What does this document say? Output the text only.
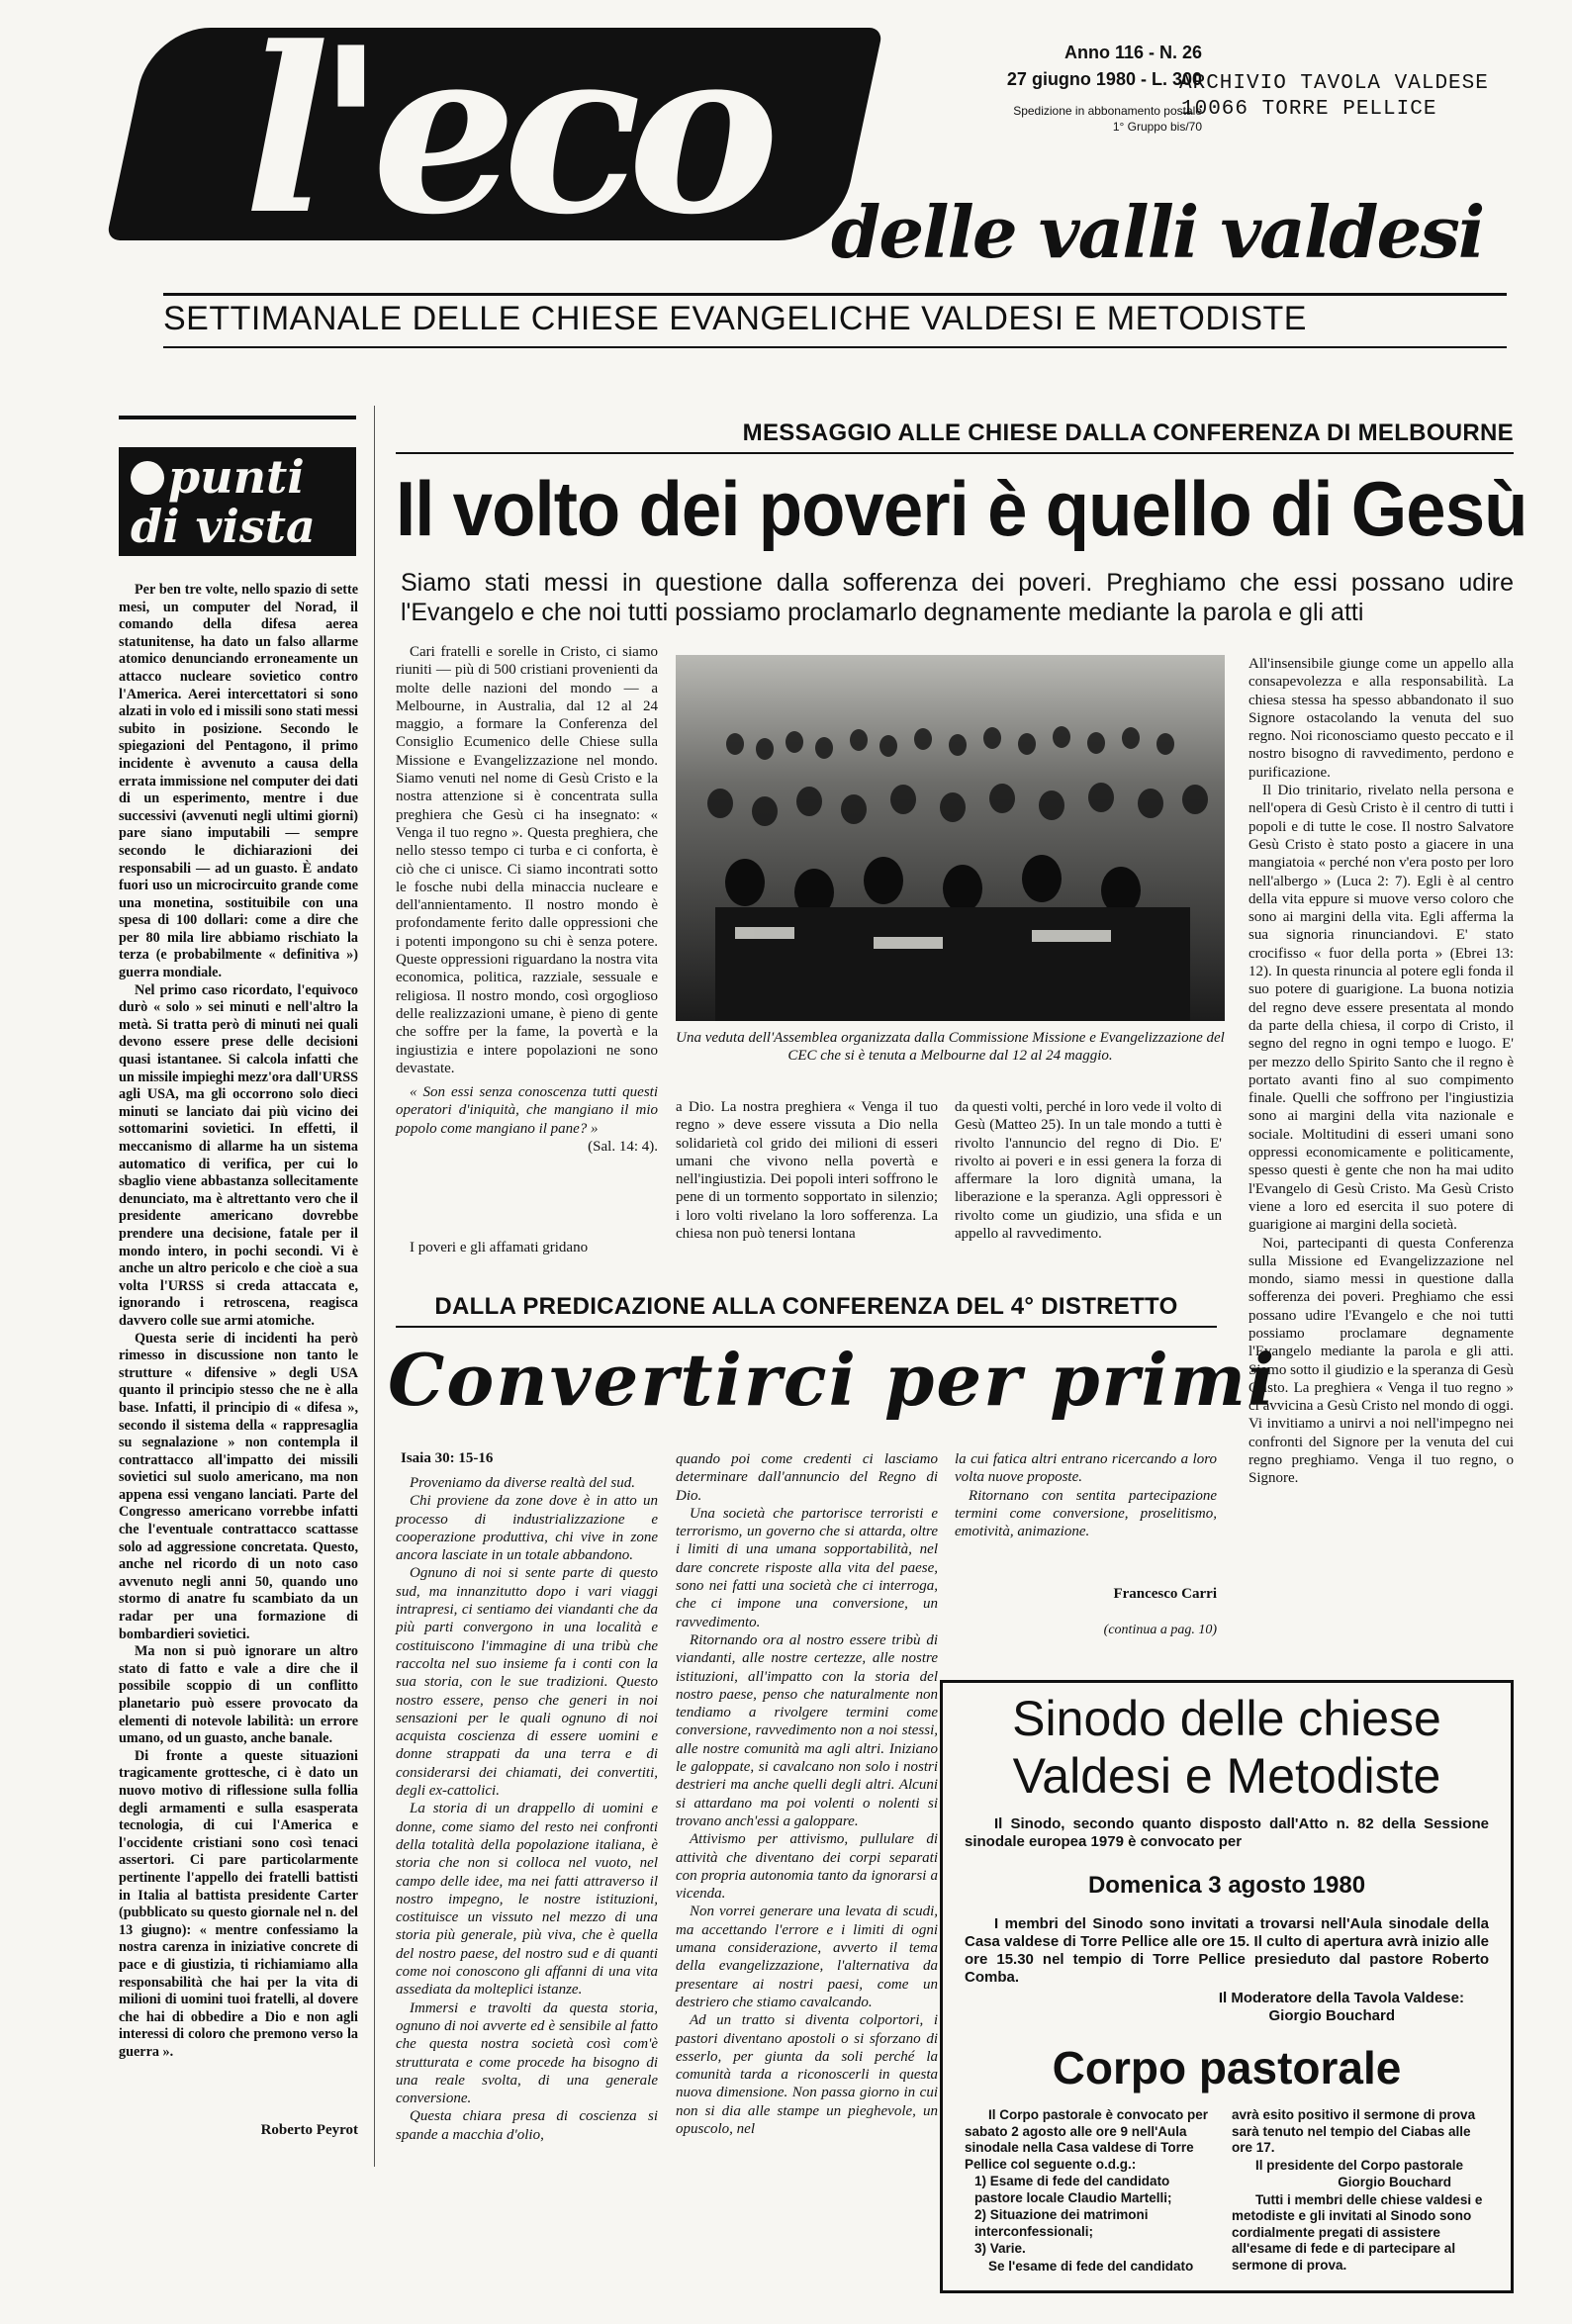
l'eco delle valli valdesi
Anno 116 - N. 26
27 giugno 1980 - L. 300
Spedizione in abbonamento postale
1° Gruppo bis/70
ARCHIVIO TAVOLA VALDESE
10066 TORRE PELLICE
SETTIMANALE DELLE CHIESE EVANGELICHE VALDESI E METODISTE
punti
di vista

Per ben tre volte, nello spazio di sette mesi, un computer del Norad, il comando della difesa aerea statunitense, ha dato un falso allarme atomico denunciando erroneamente un attacco nucleare sovietico contro l'America. Aerei intercettatori si sono alzati in volo ed i missili sono stati messi subito in posizione. Secondo le spiegazioni del Pentagono, il primo incidente è avvenuto a causa della errata immissione nel computer dei dati di un esperimento, mentre i due successivi (avvenuti negli ultimi giorni) pare siano imputabili — sempre secondo le dichiarazioni dei responsabili — ad un guasto. È andato fuori uso un microcircuito grande come una monetina, sostituibile con una spesa di 100 dollari: come a dire che per 80 mila lire abbiamo rischiato la terza (e probabilmente « definitiva ») guerra mondiale.

Nel primo caso ricordato, l'equivoco durò « solo » sei minuti e nell'altro la metà. Si tratta però di minuti nei quali devono essere prese delle decisioni quasi istantanee. Si calcola infatti che un missile impieghi mezz'ora dall'URSS agli USA, ma gli occorrono solo dieci minuti se lanciato dai più vicino dei sottomarini sovietici. In effetti, il meccanismo di allarme ha un sistema automatico di verifica, per cui lo sbaglio viene abbastanza sollecitamente denunciato, ma è altrettanto vero che il presidente americano dovrebbe prendere una decisione, fatale per il mondo intero, in pochi secondi. Vi è anche un altro pericolo e che cioè a sua volta l'URSS si creda attaccata e, ignorando i retroscena, reagisca davvero colle sue armi atomiche.

Questa serie di incidenti ha però rimesso in discussione non tanto le strutture « difensive » degli USA quanto il principio stesso che ne è alla base. Infatti, il principio di « difesa », secondo il sistema della « rappresaglia su segnalazione » non contempla il contrattacco all'impatto dei missili sovietici sul suolo americano, ma non appena essi vengano lanciati. Parte del Congresso americano vorrebbe infatti che l'eventuale contrattacco scattasse solo ad aggressione concretata. Questo, anche nel ricordo di un noto caso avvenuto negli anni 50, quando uno stormo di anatre fu scambiato da un radar per una formazione di bombardieri sovietici.

Ma non si può ignorare un altro stato di fatto e vale a dire che il possibile scoppio di un conflitto planetario può essere provocato da elementi di notevole labilità: un errore umano, od un guasto, anche banale.

Di fronte a queste situazioni tragicamente grottesche, ci è dato un nuovo motivo di riflessione sulla follia degli armamenti e sulla esasperata tecnologia, di cui l'America e l'occidente cristiani sono così tenaci assertori. Ci pare particolarmente pertinente l'appello dei fratelli battisti in Italia al battista presidente Carter (pubblicato su questo giornale nel n. del 13 giugno): « mentre confessiamo la nostra carenza in iniziative concrete di pace e di giustizia, ti richiamiamo alla responsabilità che hai per la vita di milioni di uomini tuoi fratelli, al dovere che hai di obbedire a Dio e non agli interessi di coloro che premono verso la guerra ».

Roberto Peyrot
MESSAGGIO ALLE CHIESE DALLA CONFERENZA DI MELBOURNE
Il volto dei poveri è quello di Gesù
Siamo stati messi in questione dalla sofferenza dei poveri. Preghiamo che essi possano udire l'Evangelo e che noi tutti possiamo proclamarlo degnamente mediante la parola e gli atti

Cari fratelli e sorelle in Cristo, ci siamo riuniti — più di 500 cristiani provenienti da molte delle nazioni del mondo — a Melbourne, in Australia, dal 12 al 24 maggio, a formare la Conferenza del Consiglio Ecumenico delle Chiese sulla Missione e Evangelizzazione nel mondo. Siamo venuti nel nome di Gesù Cristo e la nostra attenzione si è concentrata sulla preghiera che Gesù ci ha insegnato: « Venga il tuo regno ». Questa preghiera, che nello stesso tempo ci turba e ci conforta, è ciò che ci unisce. Ci siamo incontrati sotto le fosche nubi della minaccia nucleare e dell'annientamento. Il nostro mondo è profondamente ferito dalle oppressioni che i potenti impongono su chi è senza potere. Queste oppressioni riguardano la nostra vita economica, politica, razziale, sessuale e religiosa. Il nostro mondo, così orgoglioso delle realizzazioni umane, è pieno di gente che soffre per la fame, la povertà e la ingiustizia e intere popolazioni ne sono devastate.

« Son essi senza conoscenza tutti questi operatori d'iniquità, che mangiano il mio popolo come mangiano il pane? »

(Sal. 14: 4).

I poveri e gli affamati gridano

Una veduta dell'Assemblea organizzata dalla Commissione Missione e Evangelizzazione del CEC che si è tenuta a Melbourne dal 12 al 24 maggio.

a Dio. La nostra preghiera « Venga il tuo regno » deve essere vissuta a Dio nella solidarietà col grido dei milioni di esseri umani che vivono nella povertà e nell'ingiustizia. Dei popoli interi soffrono le pene di un tormento sopportato in silenzio; i loro volti rivelano la loro sofferenza. La chiesa non può tenersi lontana

da questi volti, perché in loro vede il volto di Gesù (Matteo 25). In un tale mondo a tutti è rivolto l'annuncio del regno di Dio. E' rivolto ai poveri e in essi genera la forza di affermare la loro dignità umana, la liberazione e la speranza. Agli oppressori è rivolto come un giudizio, una sfida e un appello al ravvedimento.

All'insensibile giunge come un appello alla consapevolezza e alla responsabilità. La chiesa stessa ha spesso abbandonato il suo Signore ostacolando la venuta del suo regno. Noi riconosciamo questo peccato e il nostro bisogno di ravvedimento, perdono e purificazione.

Il Dio trinitario, rivelato nella persona e nell'opera di Gesù Cristo è il centro di tutti i popoli e di tutte le cose. Il nostro Salvatore Gesù Cristo è stato posto a giacere in una mangiatoia « perché non v'era posto per loro nell'albergo » (Luca 2: 7). Egli è al centro della vita eppure si muove verso coloro che sono ai margini della vita. Egli afferma la sua signoria rinunciandovi. E' stato crocifisso « fuor della porta » (Ebrei 13: 12). In questa rinuncia al potere egli fonda il suo potere di guarigione. La buona notizia del regno deve essere presentata al mondo da parte della chiesa, il corpo di Cristo, il segno del regno in ogni tempo e luogo. E' per mezzo dello Spirito Santo che il regno è portato avanti fino al suo compimento finale. Quelli che soffrono per l'ingiustizia sono ai margini della vita nazionale e sociale. Moltitudini di esseri umani sono oppressi economicamente e politicamente, spesso questi è gente che non ha mai udito l'Evangelo di Gesù Cristo. Ma Gesù Cristo viene a loro ed esercita il suo potere di guarigione ai margini della società.

Noi, partecipanti di questa Conferenza sulla Missione ed Evangelizzazione nel mondo, siamo messi in questione dalla sofferenza dei poveri. Preghiamo che essi possano udire l'Evangelo e che noi tutti possiamo proclamare degnamente l'Evangelo mediante la parola e gli atti. Siamo sotto il giudizio e la speranza di Gesù Cristo. La preghiera « Venga il tuo regno » ci avvicina a Gesù Cristo nel mondo di oggi. Vi invitiamo a unirvi a noi nell'impegno nei confronti del Signore per la venuta del cui regno preghiamo. Venga il tuo regno, o Signore.

DALLA PREDICAZIONE ALLA CONFERENZA DEL 4° DISTRETTO
Convertirci per primi
Isaia 30: 15-16

Proveniamo da diverse realtà del sud.

Chi proviene da zone dove è in atto un processo di industrializzazione e cooperazione produttiva, chi vive in zone ancora lasciate in un totale abbandono.

Ognuno di noi si sente parte di questo sud, ma innanzitutto dopo i vari viaggi intrapresi, ci sentiamo dei viandanti che da più parti convergono in una località e costituiscono l'immagine di una tribù che raccolta nel suo insieme fa i conti con la sua storia, con le sue tradizioni. Questo nostro essere, penso che generi in noi sensazioni per le quali ognuno di noi acquista coscienza di essere uomini e donne strappati da una terra e di considerarsi dei chiamati, dei convertiti, degli ex-cattolici.

La storia di un drappello di uomini e donne, come siamo del resto nei confronti della totalità della popolazione italiana, è storia che non si colloca nel vuoto, nel campo delle idee, ma nei fatti attraverso il nostro impegno, le nostre istituzioni, costituisce un vissuto nel mezzo di una storia più generale, più viva, che è quella del nostro paese, del nostro sud e di quanti come noi conoscono gli affanni di una vita assediata da molteplici istanze.

Immersi e travolti da questa storia, ognuno di noi avverte ed è sensibile al fatto che questa nostra società così com'è strutturata e come procede ha bisogno di una reale svolta, di una generale conversione.

Questa chiara presa di coscienza si spande a macchia d'olio,

quando poi come credenti ci lasciamo determinare dall'annuncio del Regno di Dio.

Una società che partorisce terroristi e terrorismo, un governo che si attarda, oltre i limiti di una umana sopportabilità, nel dare concrete risposte alla vita del paese, sono nei fatti una società che ci interroga, che ci impone una conversione, un ravvedimento.

Ritornando ora al nostro essere tribù di viandanti, alle nostre certezze, alle nostre istituzioni, all'impatto con la storia del nostro paese, penso che naturalmente non tendiamo a rivolgere termini come conversione, ravvedimento non a noi stessi, alle nostre comunità ma agli altri. Iniziano le galoppate, si cavalcano non solo i nostri destrieri ma anche quelli degli altri. Alcuni si attardano ma poi volenti o nolenti si trovano anch'essi a galoppare.

Attivismo per attivismo, pullulare di attività che diventano dei corpi separati con propria autonomia tanto da ignorarsi a vicenda.

Non vorrei generare una levata di scudi, ma accettando l'errore e i limiti di ogni umana considerazione, avverto il tema della evangelizzazione, l'alternativa da presentare ai nostri paesi, come un destriero che stiamo cavalcando.

Ad un tratto si diventa colportori, i pastori diventano apostoli o si sforzano di esserlo, per giunta da soli perché la comunità tarda a riconoscerli in questa nuova dimensione. Non passa giorno in cui non si dia alle stampe un pieghevole, un opuscolo, nel

la cui fatica altri entrano ricercando a loro volta nuove proposte.

Ritornano con sentita partecipazione termini come conversione, proselitismo, emotività, animazione.

Francesco Carri
(continua a pag. 10)
Sinodo delle chiese
Valdesi e Metodiste
Il Sinodo, secondo quanto disposto dall'Atto n. 82 della Sessione sinodale europea 1979 è convocato per
Domenica 3 agosto 1980
I membri del Sinodo sono invitati a trovarsi nell'Aula sinodale della Casa valdese di Torre Pellice alle ore 15. Il culto di apertura avrà inizio alle ore 15.30 nel tempio di Torre Pellice presieduto dal pastore Roberto Comba.
Il Moderatore della Tavola Valdese:
Giorgio Bouchard
Corpo pastorale

Il Corpo pastorale è convocato per sabato 2 agosto alle ore 9 nell'Aula sinodale nella Casa valdese di Torre Pellice col seguente o.d.g.:

1) Esame di fede del candidato pastore locale Claudio Martelli;

2) Situazione dei matrimoni interconfessionali;

3) Varie.

Se l'esame di fede del candidato

avrà esito positivo il sermone di prova sarà tenuto nel tempio del Ciabas alle ore 17.

Il presidente del Corpo pastorale

Giorgio Bouchard

Tutti i membri delle chiese valdesi e metodiste e gli invitati al Sinodo sono cordialmente pregati di assistere all'esame di fede e di partecipare al sermone di prova.
